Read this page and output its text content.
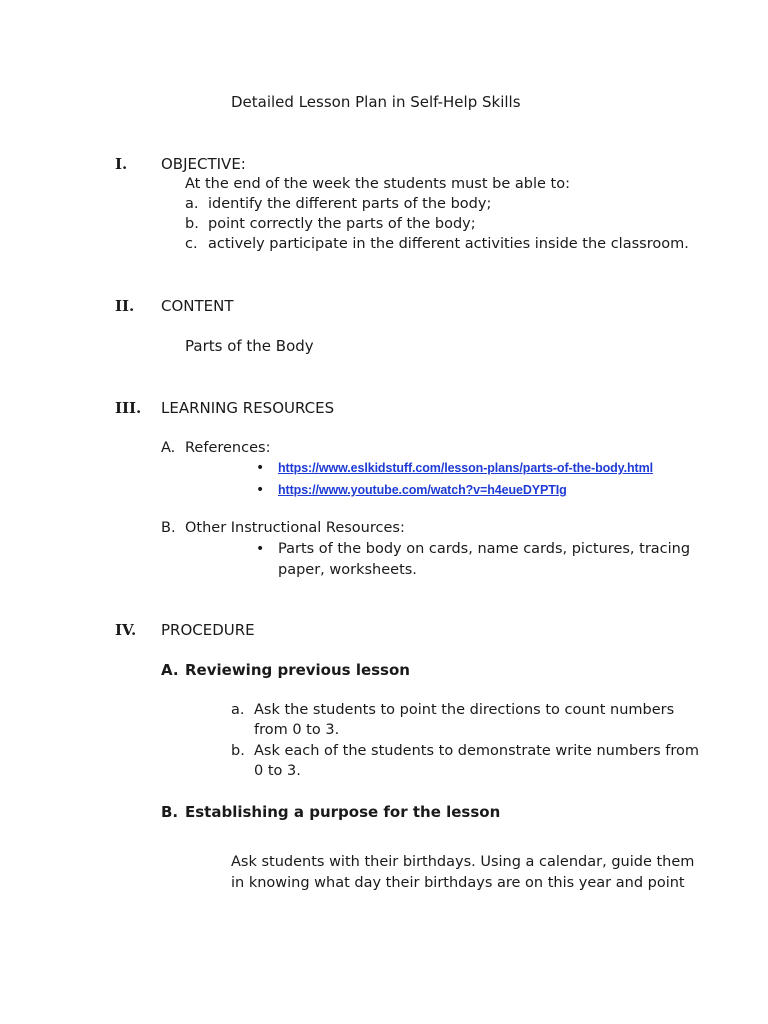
Detailed Lesson Plan in Self-Help Skills
I. OBJECTIVE:
At the end of the week the students must be able to:
a. identify the different parts of the body;
b. point correctly the parts of the body;
c. actively participate in the different activities inside the classroom.
II. CONTENT
Parts of the Body
III. LEARNING RESOURCES
A. References:
• https://www.eslkidstuff.com/lesson-plans/parts-of-the-body.html
• https://www.youtube.com/watch?v=h4eueDYPTIg
B. Other Instructional Resources:
• Parts of the body on cards, name cards, pictures, tracing
paper, worksheets.
IV. PROCEDURE
A. Reviewing previous lesson
a. Ask the students to point the directions to count numbers
from 0 to 3.
b. Ask each of the students to demonstrate write numbers from
0 to 3.
B. Establishing a purpose for the lesson
Ask students with their birthdays. Using a calendar, guide them
in knowing what day their birthdays are on this year and point
